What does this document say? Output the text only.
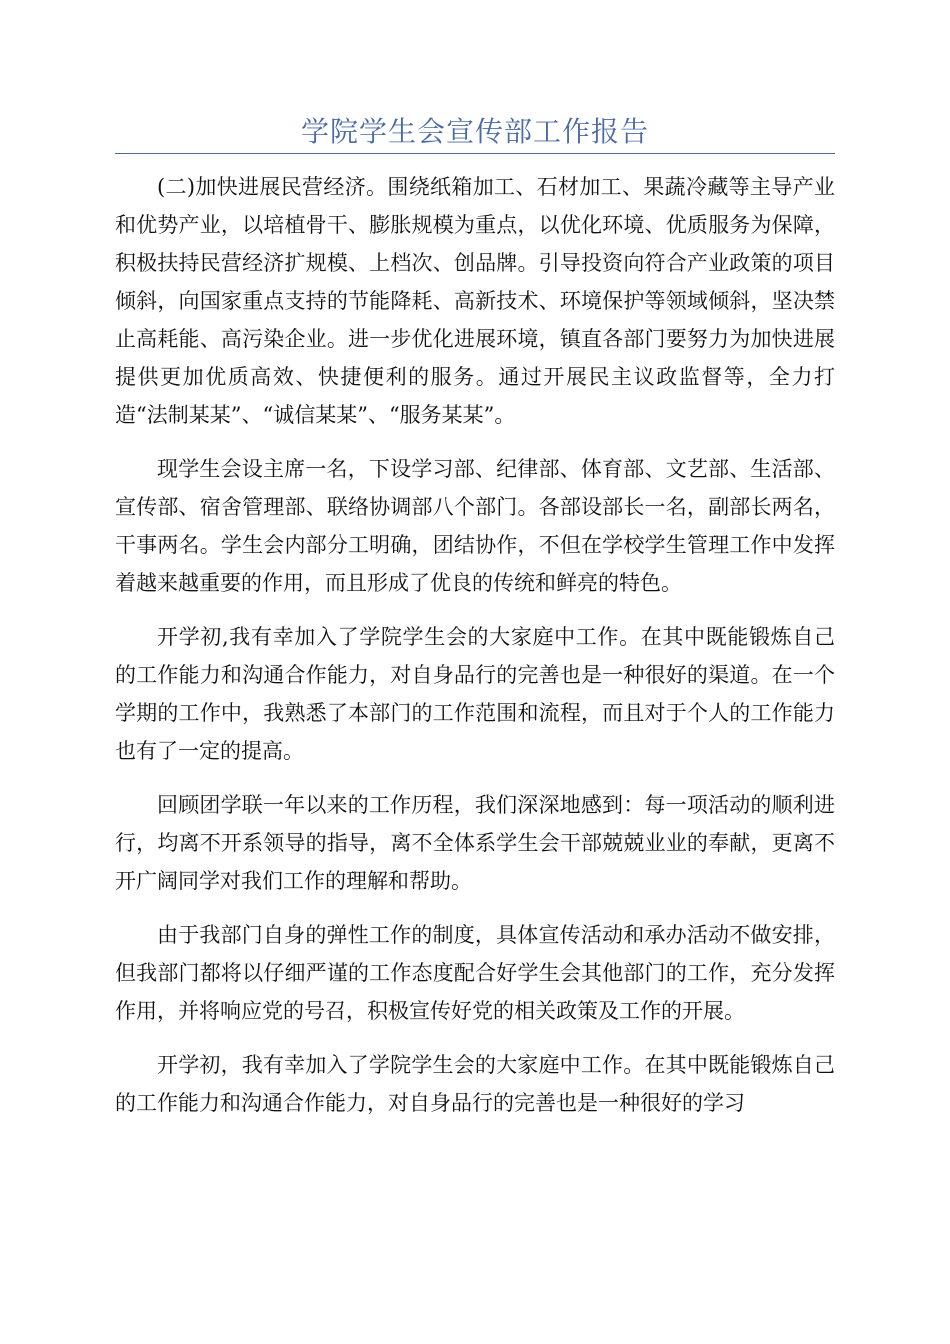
学院学生会宣传部工作报告

(二)加快进展民营经济。围绕纸箱加工、石材加工、果蔬冷藏等主导产业和优势产业，以培植骨干、膨胀规模为重点，以优化环境、优质服务为保障，积极扶持民营经济扩规模、上档次、创品牌。引导投资向符合产业政策的项目倾斜，向国家重点支持的节能降耗、高新技术、环境保护等领域倾斜，坚决禁止高耗能、高污染企业。进一步优化进展环境，镇直各部门要努力为加快进展提供更加优质高效、快捷便利的服务。通过开展民主议政监督等，全力打造“法制某某”、“诚信某某”、“服务某某”。

现学生会设主席一名，下设学习部、纪律部、体育部、文艺部、生活部、宣传部、宿舍管理部、联络协调部八个部门。各部设部长一名，副部长两名，干事两名。学生会内部分工明确，团结协作，不但在学校学生管理工作中发挥着越来越重要的作用，而且形成了优良的传统和鲜亮的特色。

开学初,我有幸加入了学院学生会的大家庭中工作。在其中既能锻炼自己的工作能力和沟通合作能力，对自身品行的完善也是一种很好的渠道。在一个学期的工作中，我熟悉了本部门的工作范围和流程，而且对于个人的工作能力也有了一定的提高。

回顾团学联一年以来的工作历程，我们深深地感到：每一项活动的顺利进行，均离不开系领导的指导，离不全体系学生会干部兢兢业业的奉献，更离不开广阔同学对我们工作的理解和帮助。

由于我部门自身的弹性工作的制度，具体宣传活动和承办活动不做安排，但我部门都将以仔细严谨的工作态度配合好学生会其他部门的工作，充分发挥作用，并将响应党的号召，积极宣传好党的相关政策及工作的开展。

开学初，我有幸加入了学院学生会的大家庭中工作。在其中既能锻炼自己的工作能力和沟通合作能力，对自身品行的完善也是一种很好的学习
